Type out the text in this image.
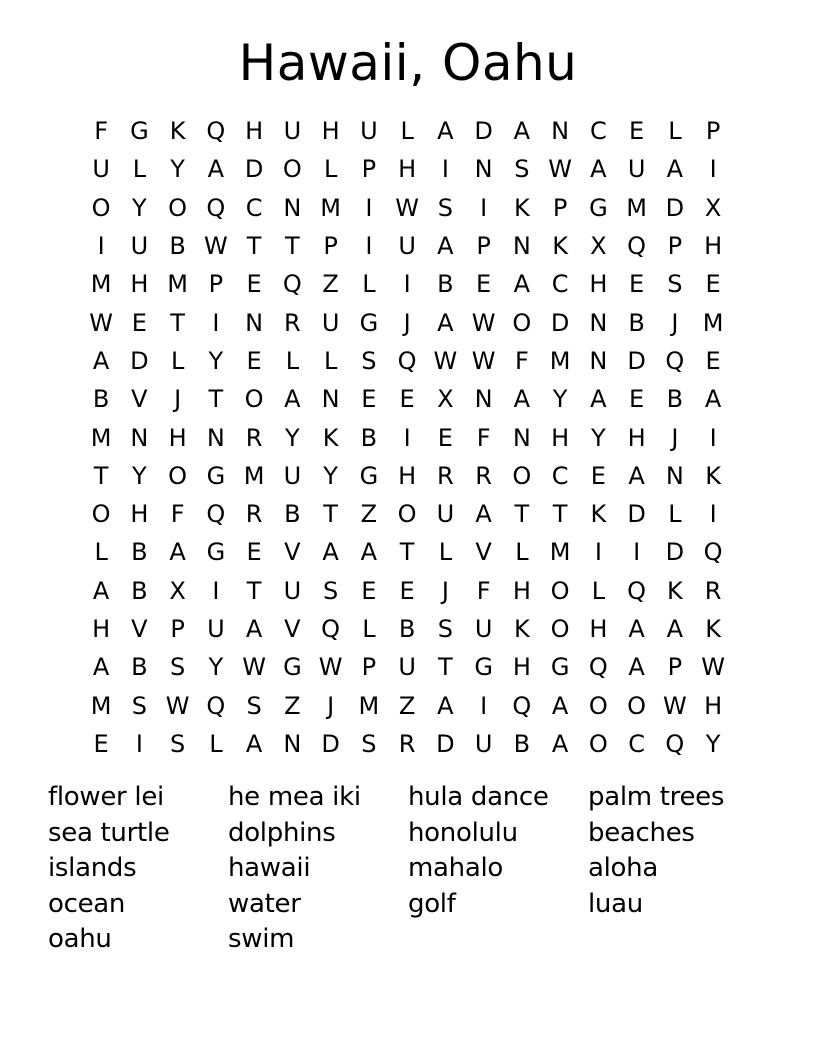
Hawaii, Oahu
F G K Q H U H U L A D A N C E L	P
U L	Y A D O L	P H	I	N S W A U A	I
O Y O Q C N M	I W S	I	K P G M D X
I	U B W T T P	I	U A P N K X Q P H
M H M P E Q Z L	I	B E A C H E S E
W E T	I	N R U G	J	A W O D N B	J	M
A D L	Y E L	L S Q W W F M N D Q E
B V	J	T O A N E E X N A Y A E B A
M N H N R Y K B	I	E F N H Y H	J	I
T Y O G M U Y G H R R O C E A N K
O H F Q R B T Z O U A T T K D L	I
L B A G E V A A T	L V L M	I	I	D Q
A B X	I	T U S E E	J	F H O L Q K R
H V P U A V Q L B S U K O H A A K
A B S Y W G W P U T G H G Q A P W
M S W Q S Z	J	M Z A	I	Q A O O W H
E	I	S L A N D S R D U B A O C Q Y
flower lei	he mea iki	hula dance	palm trees
sea turtle	dolphins	honolulu	beaches
islands	hawaii	mahalo	aloha
ocean	water	golf	luau
oahu	swim
